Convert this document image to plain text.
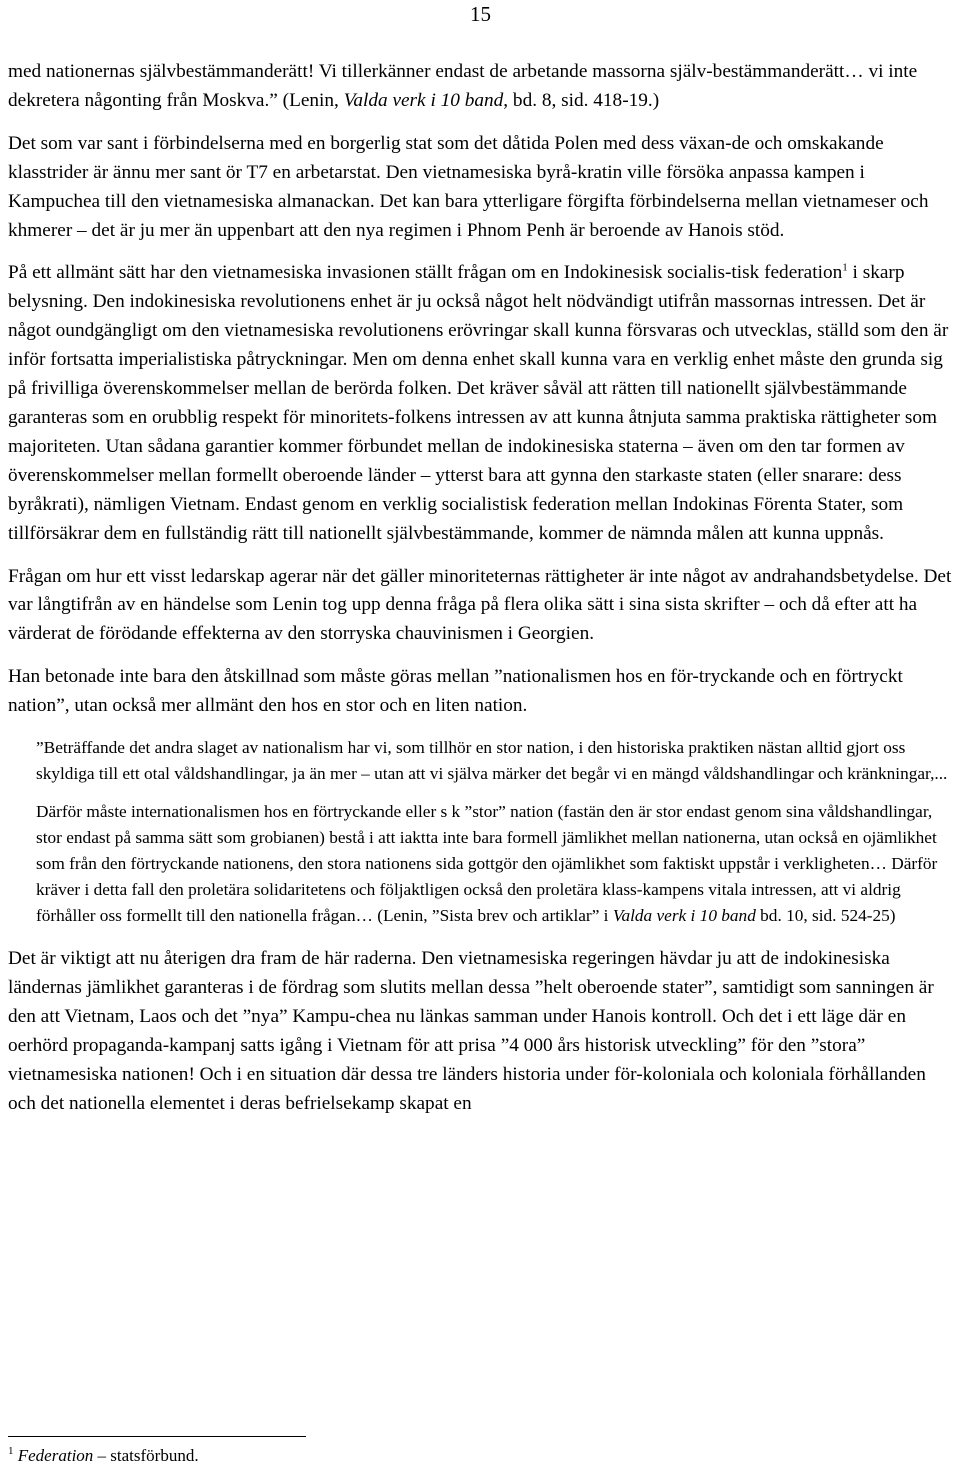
15

med nationernas självbestämmanderätt! Vi tillerkänner endast de arbetande massorna själv-bestämmanderätt… vi inte dekretera någonting från Moskva.” (Lenin, Valda verk i 10 band, bd. 8, sid. 418-19.)

Det som var sant i förbindelserna med en borgerlig stat som det dåtida Polen med dess växan-de och omskakande klasstrider är ännu mer sant ör T7 en arbetarstat. Den vietnamesiska byrå-kratin ville försöka anpassa kampen i Kampuchea till den vietnamesiska almanackan. Det kan bara ytterligare förgifta förbindelserna mellan vietnameser och khmerer – det är ju mer än uppenbart att den nya regimen i Phnom Penh är beroende av Hanois stöd.

På ett allmänt sätt har den vietnamesiska invasionen ställt frågan om en Indokinesisk socialis-tisk federation$^1$ i skarp belysning. Den indokinesiska revolutionens enhet är ju också något helt nödvändigt utifrån massornas intressen. Det är något oundgängligt om den vietnamesiska revolutionens erövringar skall kunna försvaras och utvecklas, ställd som den är inför fortsatta imperialistiska påtryckningar. Men om denna enhet skall kunna vara en verklig enhet måste den grunda sig på frivilliga överenskommelser mellan de berörda folken. Det kräver såväl att rätten till nationellt självbestämmande garanteras som en orubblig respekt för minoritets-folkens intressen av att kunna åtnjuta samma praktiska rättigheter som majoriteten. Utan sådana garantier kommer förbundet mellan de indokinesiska staterna – även om den tar formen av överenskommelser mellan formellt oberoende länder – ytterst bara att gynna den starkaste staten (eller snarare: dess byråkrati), nämligen Vietnam. Endast genom en verklig socialistisk federation mellan Indokinas Förenta Stater, som tillförsäkrar dem en fullständig rätt till nationellt självbestämmande, kommer de nämnda målen att kunna uppnås.

Frågan om hur ett visst ledarskap agerar när det gäller minoriteternas rättigheter är inte något av andrahandsbetydelse. Det var långtifrån av en händelse som Lenin tog upp denna fråga på flera olika sätt i sina sista skrifter – och då efter att ha värderat de förödande effekterna av den storryska chauvinismen i Georgien.

Han betonade inte bara den åtskillnad som måste göras mellan ”nationalismen hos en för-tryckande och en förtryckt nation”, utan också mer allmänt den hos en stor och en liten nation.

”Beträffande det andra slaget av nationalism har vi, som tillhör en stor nation, i den historiska praktiken nästan alltid gjort oss skyldiga till ett otal våldshandlingar, ja än mer – utan att vi själva märker det begår vi en mängd våldshandlingar och kränkningar,...

Därför måste internationalismen hos en förtryckande eller s k ”stor” nation (fastän den är stor endast genom sina våldshandlingar, stor endast på samma sätt som grobianen) bestå i att iaktta inte bara formell jämlikhet mellan nationerna, utan också en ojämlikhet som från den förtryckande nationens, den stora nationens sida gottgör den ojämlikhet som faktiskt uppstår i verkligheten… Därför kräver i detta fall den proletära solidaritetens och följaktligen också den proletära klass-kampens vitala intressen, att vi aldrig förhåller oss formellt till den nationella frågan… (Lenin, ”Sista brev och artiklar” i Valda verk i 10 band bd. 10, sid. 524-25)

Det är viktigt att nu återigen dra fram de här raderna. Den vietnamesiska regeringen hävdar ju att de indokinesiska ländernas jämlikhet garanteras i de fördrag som slutits mellan dessa ”helt oberoende stater”, samtidigt som sanningen är den att Vietnam, Laos och det ”nya” Kampu-chea nu länkas samman under Hanois kontroll. Och det i ett läge där en oerhörd propaganda-kampanj satts igång i Vietnam för att prisa ”4 000 års historisk utveckling” för den ”stora” vietnamesiska nationen! Och i en situation där dessa tre länders historia under för-koloniala och koloniala förhållanden och det nationella elementet i deras befrielsekamp skapat en

$^1$ Federation – statsförbund.
